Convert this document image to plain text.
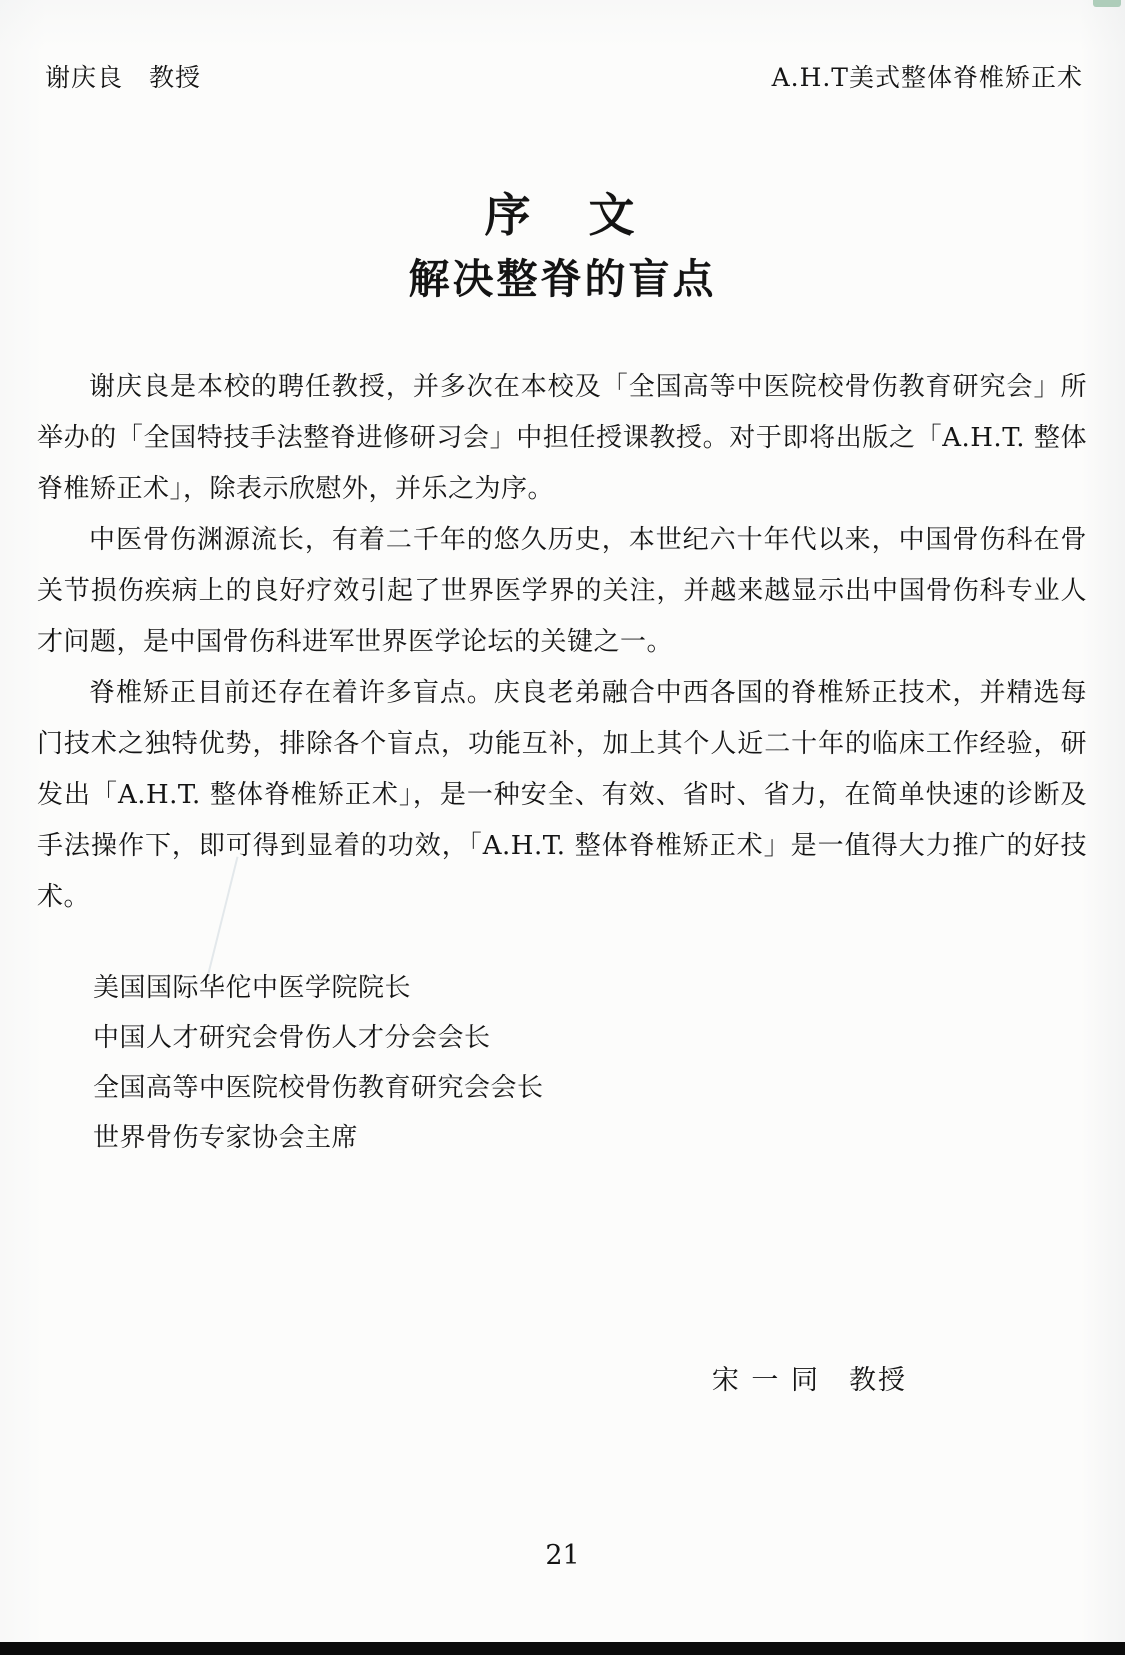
谢庆良　教授	A.H.T美式整体脊椎矫正术
序　文
解决整脊的盲点

谢庆良是本校的聘任教授，并多次在本校及「全国高等中医院校骨伤教育研究会」所举办的「全国特技手法整脊进修研习会」中担任授课教授。对于即将出版之「A.H.T. 整体脊椎矫正术」，除表示欣慰外，并乐之为序。

中医骨伤渊源流长，有着二千年的悠久历史，本世纪六十年代以来，中国骨伤科在骨关节损伤疾病上的良好疗效引起了世界医学界的关注，并越来越显示出中国骨伤科专业人才问题，是中国骨伤科进军世界医学论坛的关键之一。

脊椎矫正目前还存在着许多盲点。庆良老弟融合中西各国的脊椎矫正技术，并精选每门技术之独特优势，排除各个盲点，功能互补，加上其个人近二十年的临床工作经验，研发出「A.H.T. 整体脊椎矫正术」，是一种安全、有效、省时、省力，在简单快速的诊断及手法操作下，即可得到显着的功效，「A.H.T. 整体脊椎矫正术」是一值得大力推广的好技术。

美国国际华佗中医学院院长
中国人才研究会骨伤人才分会会长
全国高等中医院校骨伤教育研究会会长
世界骨伤专家协会主席
宋 一 同　教授
21
